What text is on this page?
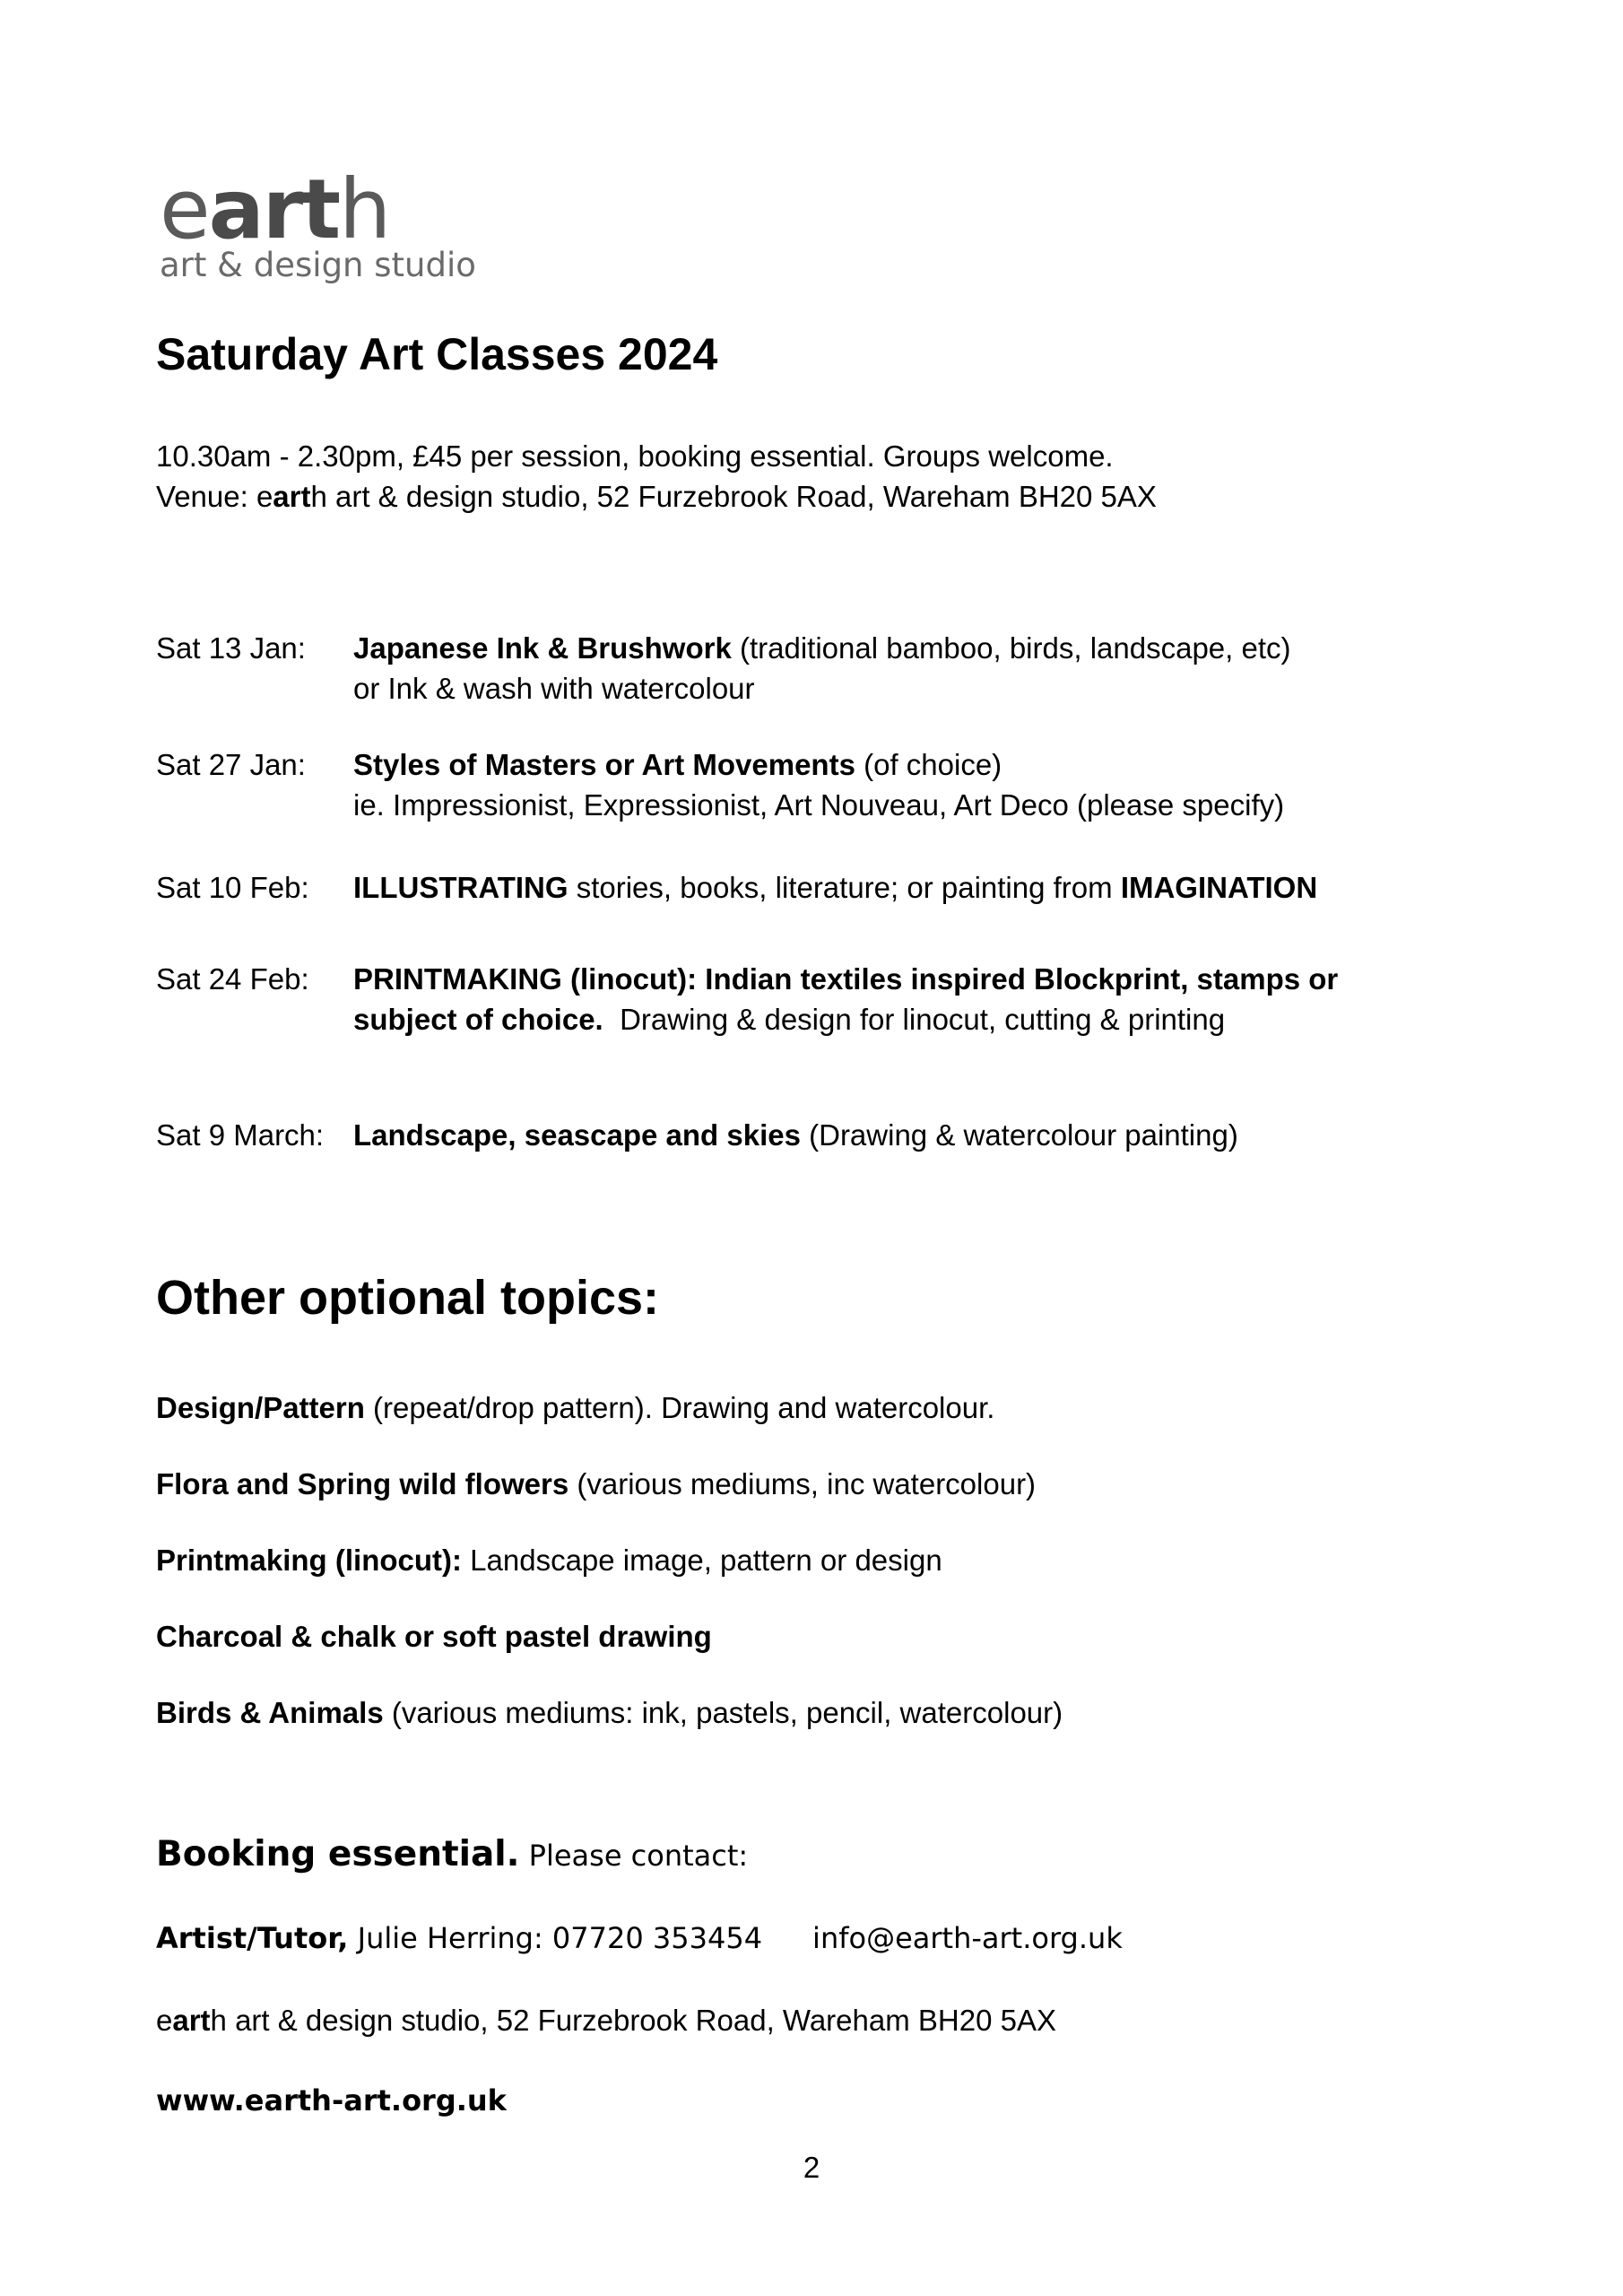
earth
art & design studio
Saturday Art Classes 2024

10.30am - 2.30pm, £45 per session, booking essential. Groups welcome.

Venue: earth art & design studio, 52 Furzebrook Road, Wareham BH20 5AX

Sat 13 Jan:	Japanese Ink & Brushwork (traditional bamboo, birds, landscape, etc)

or Ink & wash with watercolour

Sat 27 Jan:	Styles of Masters or Art Movements (of choice)

ie. Impressionist, Expressionist, Art Nouveau, Art Deco (please specify)

Sat 10 Feb:	ILLUSTRATING stories, books, literature; or painting from IMAGINATION

Sat 24 Feb:	PRINTMAKING (linocut): Indian textiles inspired Blockprint, stamps or

subject of choice.  Drawing & design for linocut, cutting & printing

Sat 9 March: Landscape, seascape and skies (Drawing & watercolour painting)

Other optional topics:

Design/Pattern (repeat/drop pattern). Drawing and watercolour.

Flora and Spring wild flowers (various mediums, inc watercolour)

Printmaking (linocut): Landscape image, pattern or design

Charcoal & chalk or soft pastel drawing

Birds & Animals (various mediums: ink, pastels, pencil, watercolour)

Booking essential. Please contact:

Artist/Tutor, Julie Herring: 07720 353454 info@earth-art.org.uk

earth art & design studio, 52 Furzebrook Road, Wareham BH20 5AX

www.earth-art.org.uk

2
